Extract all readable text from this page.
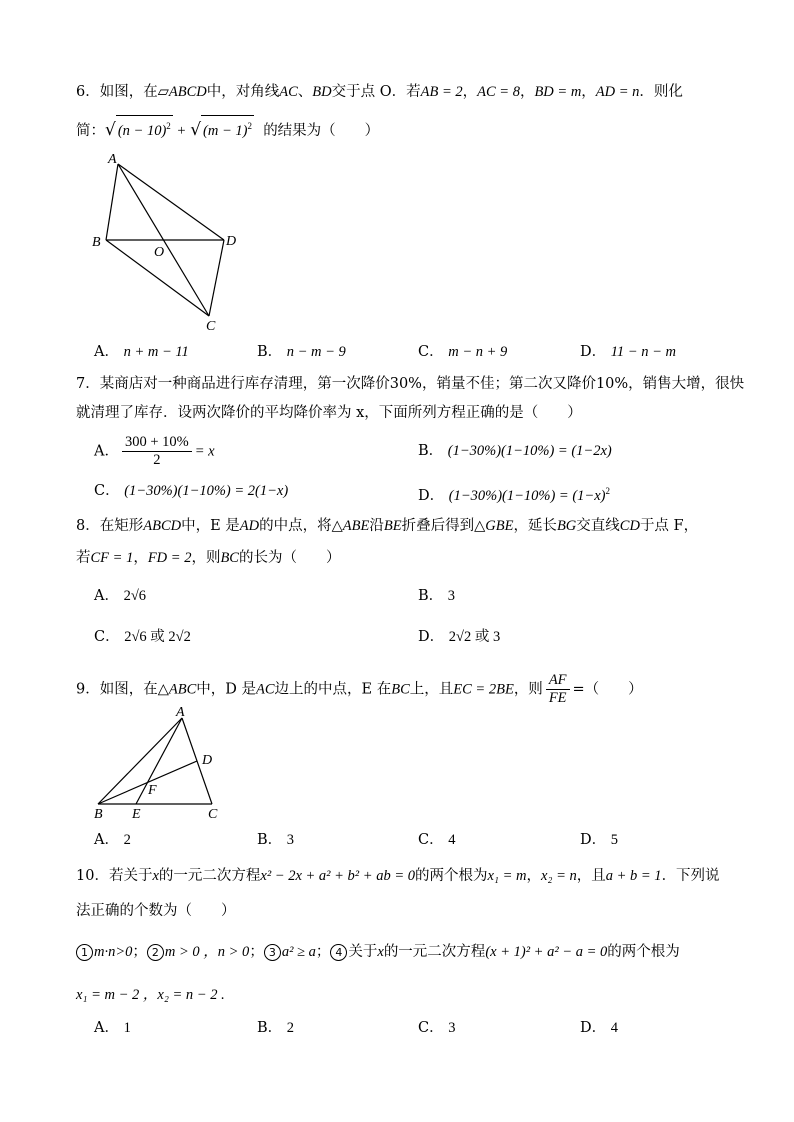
6．如图，在▱ABCD中，对角线AC、BD交于点 O．若AB = 2，AC = 8，BD = m，AD = n．则化
简：√ $(n - 10)^2$ + √ $(m - 1)^2$ 的结果为（　　）
A
B	D
O
C
A． n + m − 11	B． n − m − 9	C． m − n + 9	D． 11 − n − m
7．某商店对一种商品进行库存清理，第一次降价30%，销量不佳；第二次又降价10%，销售大增，很快
就清理了库存．设两次降价的平均降价率为 x，下面所列方程正确的是（　　）
A． $\frac{300 + 10\%}{2} = x$	B． (1−30%)(1−10%) = (1−2x)
C． (1−30%)(1−10%) = 2(1−x)	D． $(1-30\%)(1-10\%) = (1-x)^2$
8．在矩形ABCD中，E 是AD的中点，将△ABE沿BE折叠后得到△GBE，延长BG交直线CD于点 F，
若CF = 1，FD = 2，则BC的长为（　　）
A． 2√6	B． 3
C． 2√6 或 2√2	D． 2√2 或 3
9．如图，在△ABC中，D 是AC边上的中点，E 在BC上，且EC = 2BE，则 $\frac{AF}{FE}$ =（　　）
A
D
F
B E	C
A． 2	B． 3	C． 4	D． 5
10．若关于x的一元二次方程x² − 2x + a² + b² + ab = 0的两个根为x₁ = m，x₂ = n，且a + b = 1．下列说
法正确的个数为（　　）
1 m·n>0； 2 m > 0 ，n > 0； 3 a² ≥ a； 4 关于x的一元二次方程(x + 1)² + a² − a = 0的两个根为
x₁ = m − 2 ，x₂ = n − 2 .
A． 1	B． 2	C． 3	D． 4
